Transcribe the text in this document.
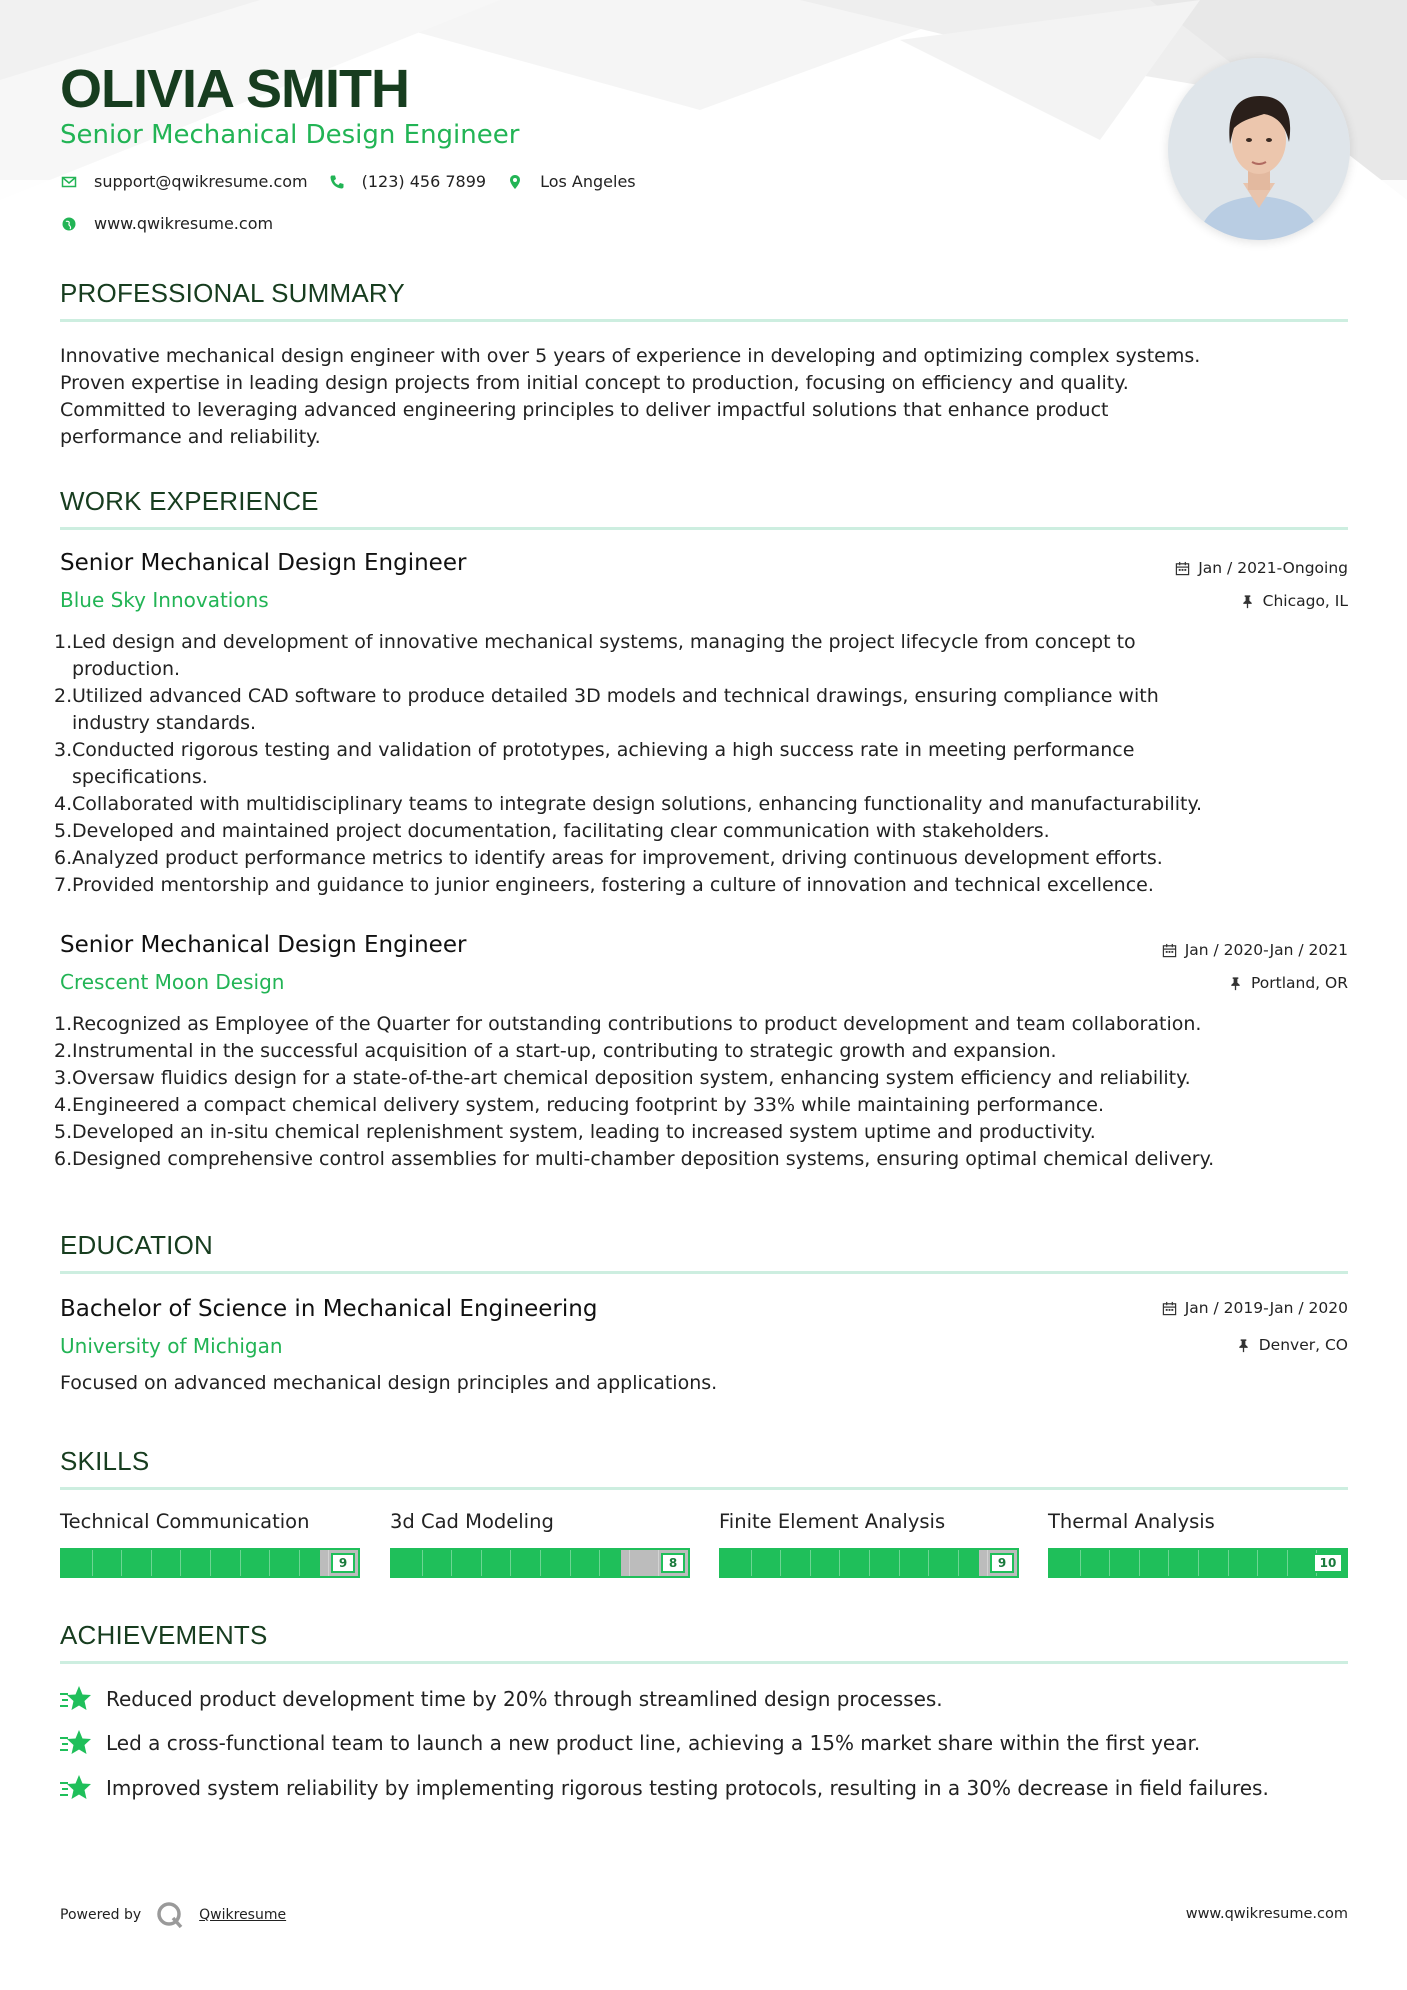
OLIVIA SMITH
Senior Mechanical Design Engineer
support@qwikresume.com	(123) 456 7899	Los Angeles
www.qwikresume.com
PROFESSIONAL SUMMARY
Innovative mechanical design engineer with over 5 years of experience in developing and optimizing complex systems.
Proven expertise in leading design projects from initial concept to production, focusing on efficiency and quality.
Committed to leveraging advanced engineering principles to deliver impactful solutions that enhance product
performance and reliability.
WORK EXPERIENCE
Senior Mechanical Design Engineer
Blue Sky Innovations
Jan / 2021-Ongoing
Chicago, IL
1. Led design and development of innovative mechanical systems, managing the project lifecycle from concept to
production.
2. Utilized advanced CAD software to produce detailed 3D models and technical drawings, ensuring compliance with
industry standards.
3. Conducted rigorous testing and validation of prototypes, achieving a high success rate in meeting performance
specifications.
4. Collaborated with multidisciplinary teams to integrate design solutions, enhancing functionality and manufacturability.
5. Developed and maintained project documentation, facilitating clear communication with stakeholders.
6. Analyzed product performance metrics to identify areas for improvement, driving continuous development efforts.
7. Provided mentorship and guidance to junior engineers, fostering a culture of innovation and technical excellence.
Senior Mechanical Design Engineer
Crescent Moon Design
Jan / 2020-Jan / 2021
Portland, OR
1. Recognized as Employee of the Quarter for outstanding contributions to product development and team collaboration.
2. Instrumental in the successful acquisition of a start-up, contributing to strategic growth and expansion.
3. Oversaw fluidics design for a state-of-the-art chemical deposition system, enhancing system efficiency and reliability.
4. Engineered a compact chemical delivery system, reducing footprint by 33% while maintaining performance.
5. Developed an in-situ chemical replenishment system, leading to increased system uptime and productivity.
6. Designed comprehensive control assemblies for multi-chamber deposition systems, ensuring optimal chemical delivery.
EDUCATION
Bachelor of Science in Mechanical Engineering
University of Michigan
Jan / 2019-Jan / 2020
Denver, CO
Focused on advanced mechanical design principles and applications.
SKILLS
Technical Communication
9
3d Cad Modeling
8
Finite Element Analysis
9
Thermal Analysis
10
ACHIEVEMENTS
Reduced product development time by 20% through streamlined design processes.
Led a cross-functional team to launch a new product line, achieving a 15% market share within the first year.
Improved system reliability by implementing rigorous testing protocols, resulting in a 30% decrease in field failures.
Powered by	Qwikresume	www.qwikresume.com
